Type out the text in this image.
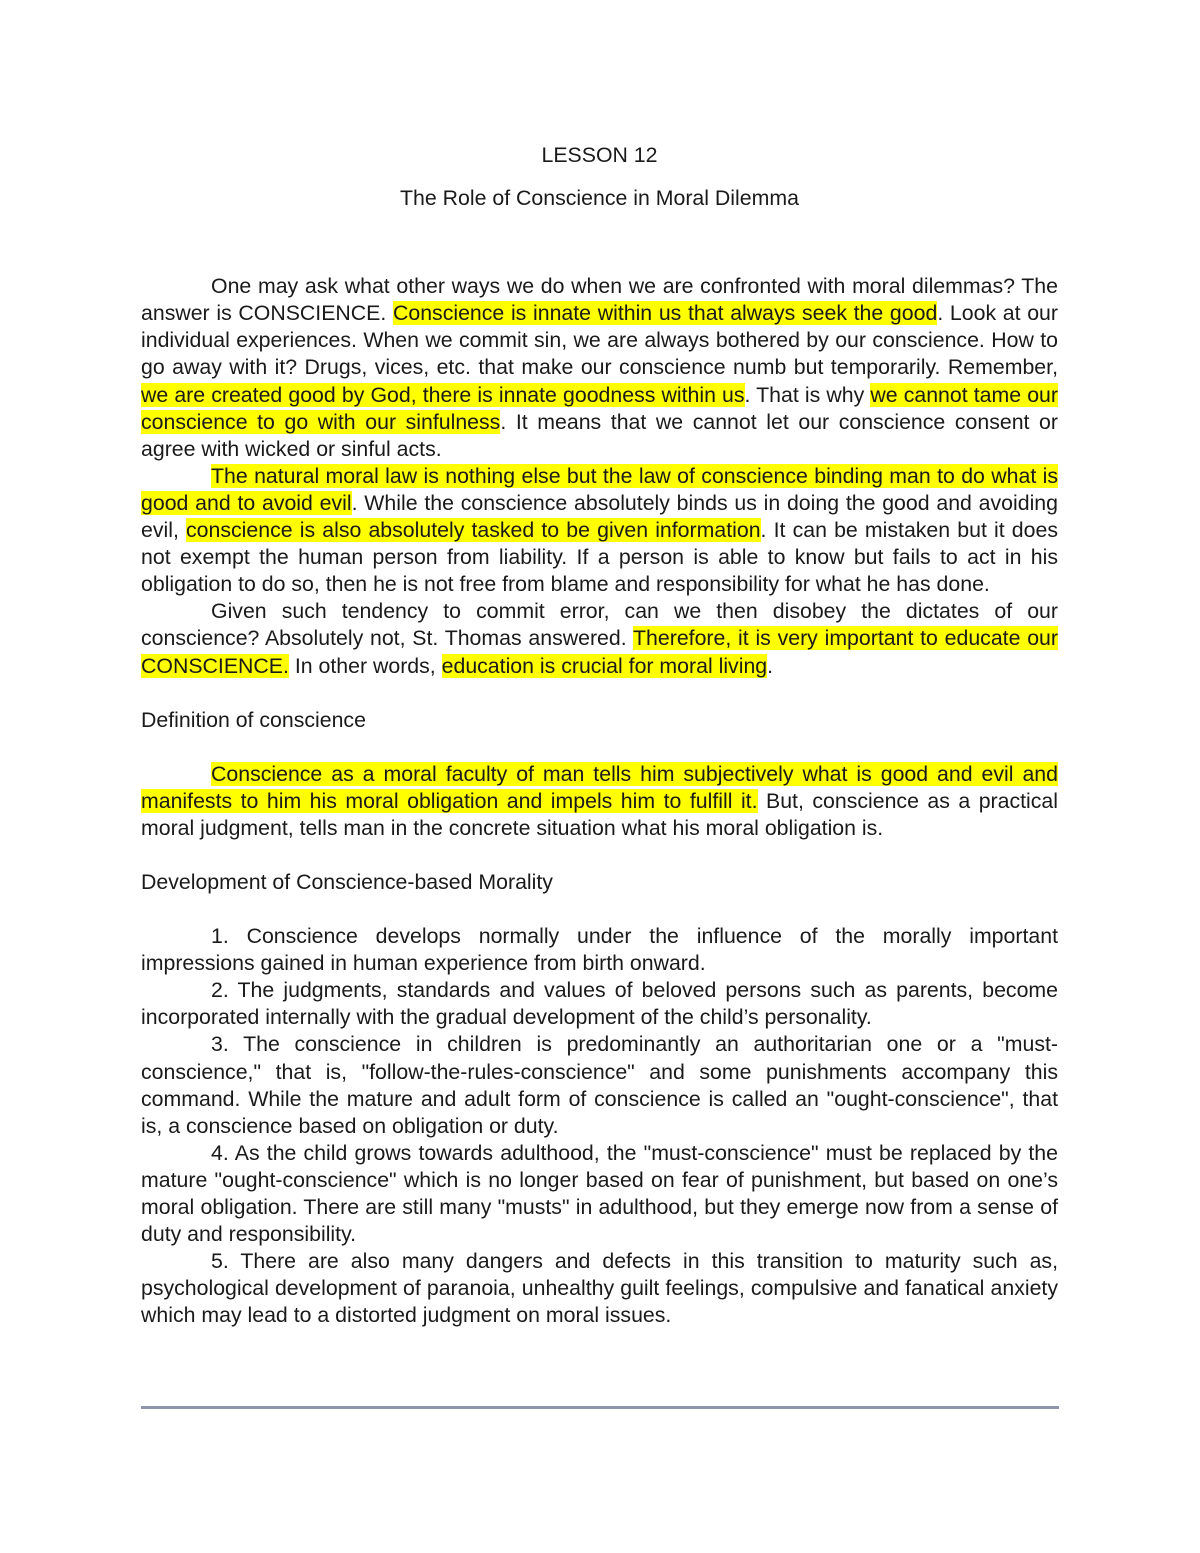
LESSON 12

The Role of Conscience in Moral Dilemma

One may ask what other ways we do when we are confronted with moral dilemmas? The answer is CONSCIENCE. Conscience is innate within us that always seek the good. Look at our individual experiences. When we commit sin, we are always bothered by our conscience. How to go away with it? Drugs, vices, etc. that make our conscience numb but temporarily. Remember, we are created good by God, there is innate goodness within us. That is why we cannot tame our conscience to go with our sinfulness. It means that we cannot let our conscience consent or agree with wicked or sinful acts.

The natural moral law is nothing else but the law of conscience binding man to do what is good and to avoid evil. While the conscience absolutely binds us in doing the good and avoiding evil, conscience is also absolutely tasked to be given information. It can be mistaken but it does not exempt the human person from liability. If a person is able to know but fails to act in his obligation to do so, then he is not free from blame and responsibility for what he has done.

Given such tendency to commit error, can we then disobey the dictates of our conscience? Absolutely not, St. Thomas answered. Therefore, it is very important to educate our CONSCIENCE. In other words, education is crucial for moral living.

Definition of conscience

Conscience as a moral faculty of man tells him subjectively what is good and evil and manifests to him his moral obligation and impels him to fulfill it. But, conscience as a practical moral judgment, tells man in the concrete situation what his moral obligation is.

Development of Conscience-based Morality

1. Conscience develops normally under the influence of the morally important impressions gained in human experience from birth onward.

2. The judgments, standards and values of beloved persons such as parents, become incorporated internally with the gradual development of the child’s personality.

3. The conscience in children is predominantly an authoritarian one or a "must-conscience," that is, "follow-the-rules-conscience" and some punishments accompany this command. While the mature and adult form of conscience is called an "ought-conscience", that is, a conscience based on obligation or duty.

4. As the child grows towards adulthood, the "must-conscience" must be replaced by the mature "ought-conscience" which is no longer based on fear of punishment, but based on one’s moral obligation. There are still many "musts" in adulthood, but they emerge now from a sense of duty and responsibility.

5. There are also many dangers and defects in this transition to maturity such as, psychological development of paranoia, unhealthy guilt feelings, compulsive and fanatical anxiety which may lead to a distorted judgment on moral issues.
